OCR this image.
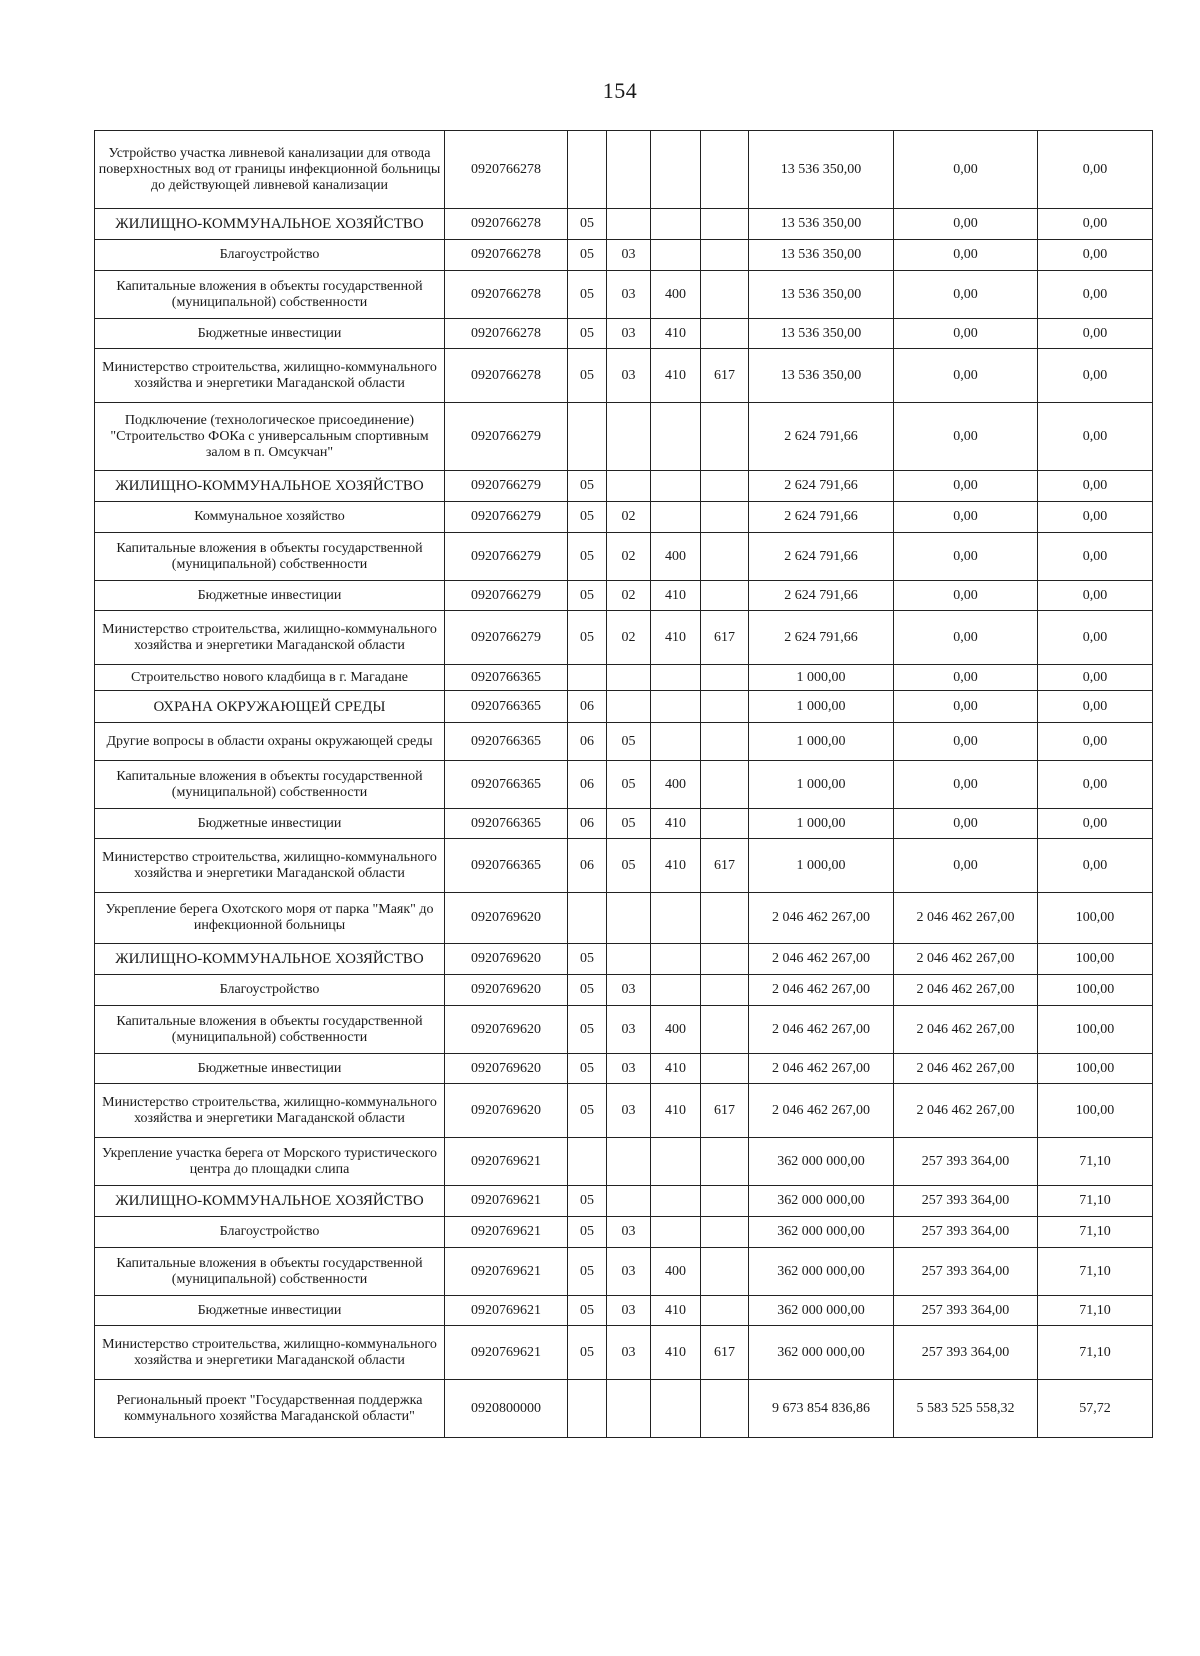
154
Устройство участка ливневой канализации для отвода поверхностных вод от границы инфекционной больницы до действующей ливневой канализации	0920766278					13 536 350,00	0,00	0,00
ЖИЛИЩНО-КОММУНАЛЬНОЕ ХОЗЯЙСТВО	0920766278	05				13 536 350,00	0,00	0,00
Благоустройство	0920766278	05	03			13 536 350,00	0,00	0,00
Капитальные вложения в объекты государственной (муниципальной) собственности	0920766278	05	03	400		13 536 350,00	0,00	0,00
Бюджетные инвестиции	0920766278	05	03	410		13 536 350,00	0,00	0,00
Министерство строительства, жилищно-коммунального хозяйства и энергетики Магаданской области	0920766278	05	03	410	617	13 536 350,00	0,00	0,00
Подключение (технологическое присоединение) "Строительство ФОКа с универсальным спортивным залом в п. Омсукчан"	0920766279					2 624 791,66	0,00	0,00
ЖИЛИЩНО-КОММУНАЛЬНОЕ ХОЗЯЙСТВО	0920766279	05				2 624 791,66	0,00	0,00
Коммунальное хозяйство	0920766279	05	02			2 624 791,66	0,00	0,00
Капитальные вложения в объекты государственной (муниципальной) собственности	0920766279	05	02	400		2 624 791,66	0,00	0,00
Бюджетные инвестиции	0920766279	05	02	410		2 624 791,66	0,00	0,00
Министерство строительства, жилищно-коммунального хозяйства и энергетики Магаданской области	0920766279	05	02	410	617	2 624 791,66	0,00	0,00
Строительство нового кладбища в г. Магадане	0920766365					1 000,00	0,00	0,00
ОХРАНА ОКРУЖАЮЩЕЙ СРЕДЫ	0920766365	06				1 000,00	0,00	0,00
Другие вопросы в области охраны окружающей среды	0920766365	06	05			1 000,00	0,00	0,00
Капитальные вложения в объекты государственной (муниципальной) собственности	0920766365	06	05	400		1 000,00	0,00	0,00
Бюджетные инвестиции	0920766365	06	05	410		1 000,00	0,00	0,00
Министерство строительства, жилищно-коммунального хозяйства и энергетики Магаданской области	0920766365	06	05	410	617	1 000,00	0,00	0,00
Укрепление берега Охотского моря от парка "Маяк" до инфекционной больницы	0920769620					2 046 462 267,00	2 046 462 267,00	100,00
ЖИЛИЩНО-КОММУНАЛЬНОЕ ХОЗЯЙСТВО	0920769620	05				2 046 462 267,00	2 046 462 267,00	100,00
Благоустройство	0920769620	05	03			2 046 462 267,00	2 046 462 267,00	100,00
Капитальные вложения в объекты государственной (муниципальной) собственности	0920769620	05	03	400		2 046 462 267,00	2 046 462 267,00	100,00
Бюджетные инвестиции	0920769620	05	03	410		2 046 462 267,00	2 046 462 267,00	100,00
Министерство строительства, жилищно-коммунального хозяйства и энергетики Магаданской области	0920769620	05	03	410	617	2 046 462 267,00	2 046 462 267,00	100,00
Укрепление участка берега от Морского туристического центра до площадки слипа	0920769621					362 000 000,00	257 393 364,00	71,10
ЖИЛИЩНО-КОММУНАЛЬНОЕ ХОЗЯЙСТВО	0920769621	05				362 000 000,00	257 393 364,00	71,10
Благоустройство	0920769621	05	03			362 000 000,00	257 393 364,00	71,10
Капитальные вложения в объекты государственной (муниципальной) собственности	0920769621	05	03	400		362 000 000,00	257 393 364,00	71,10
Бюджетные инвестиции	0920769621	05	03	410		362 000 000,00	257 393 364,00	71,10
Министерство строительства, жилищно-коммунального хозяйства и энергетики Магаданской области	0920769621	05	03	410	617	362 000 000,00	257 393 364,00	71,10
Региональный проект "Государственная поддержка коммунального хозяйства Магаданской области"	0920800000					9 673 854 836,86	5 583 525 558,32	57,72
